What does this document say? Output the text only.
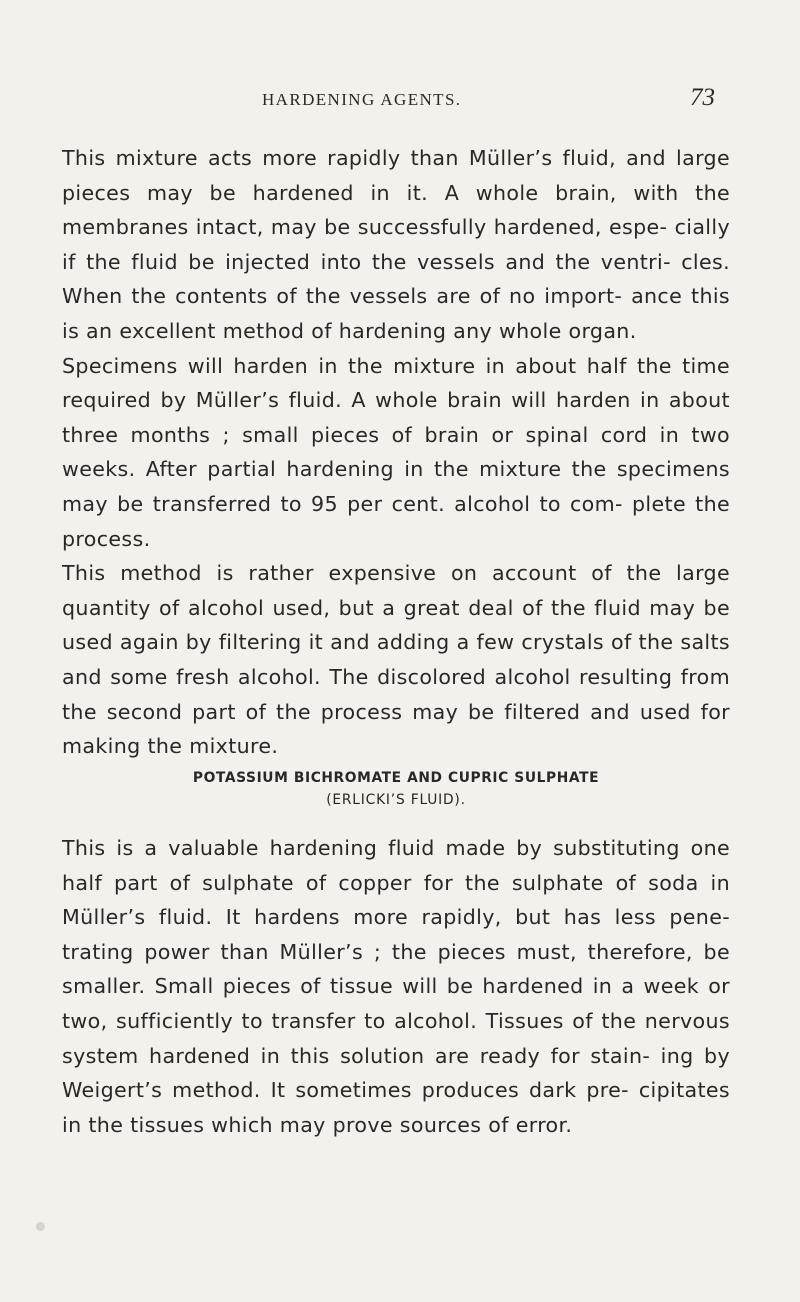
HARDENING AGENTS.	73

This mixture acts more rapidly than Müller’s fluid, and large pieces may be hardened in it. A whole brain, with the membranes intact, may be successfully hardened, espe- cially if the fluid be injected into the vessels and the ventri- cles. When the contents of the vessels are of no import- ance this is an excellent method of hardening any whole organ.

Specimens will harden in the mixture in about half the time required by Müller’s fluid. A whole brain will harden in about three months ; small pieces of brain or spinal cord in two weeks. After partial hardening in the mixture the specimens may be transferred to 95 per cent. alcohol to com- plete the process.

This method is rather expensive on account of the large quantity of alcohol used, but a great deal of the fluid may be used again by filtering it and adding a few crystals of the salts and some fresh alcohol. The discolored alcohol resulting from the second part of the process may be filtered and used for making the mixture.

POTASSIUM BICHROMATE AND CUPRIC SULPHATE
(ERLICKI’S FLUID).

This is a valuable hardening fluid made by substituting one half part of sulphate of copper for the sulphate of soda in Müller’s fluid. It hardens more rapidly, but has less pene- trating power than Müller’s ; the pieces must, therefore, be smaller. Small pieces of tissue will be hardened in a week or two, sufficiently to transfer to alcohol. Tissues of the nervous system hardened in this solution are ready for stain- ing by Weigert’s method. It sometimes produces dark pre- cipitates in the tissues which may prove sources of error.
